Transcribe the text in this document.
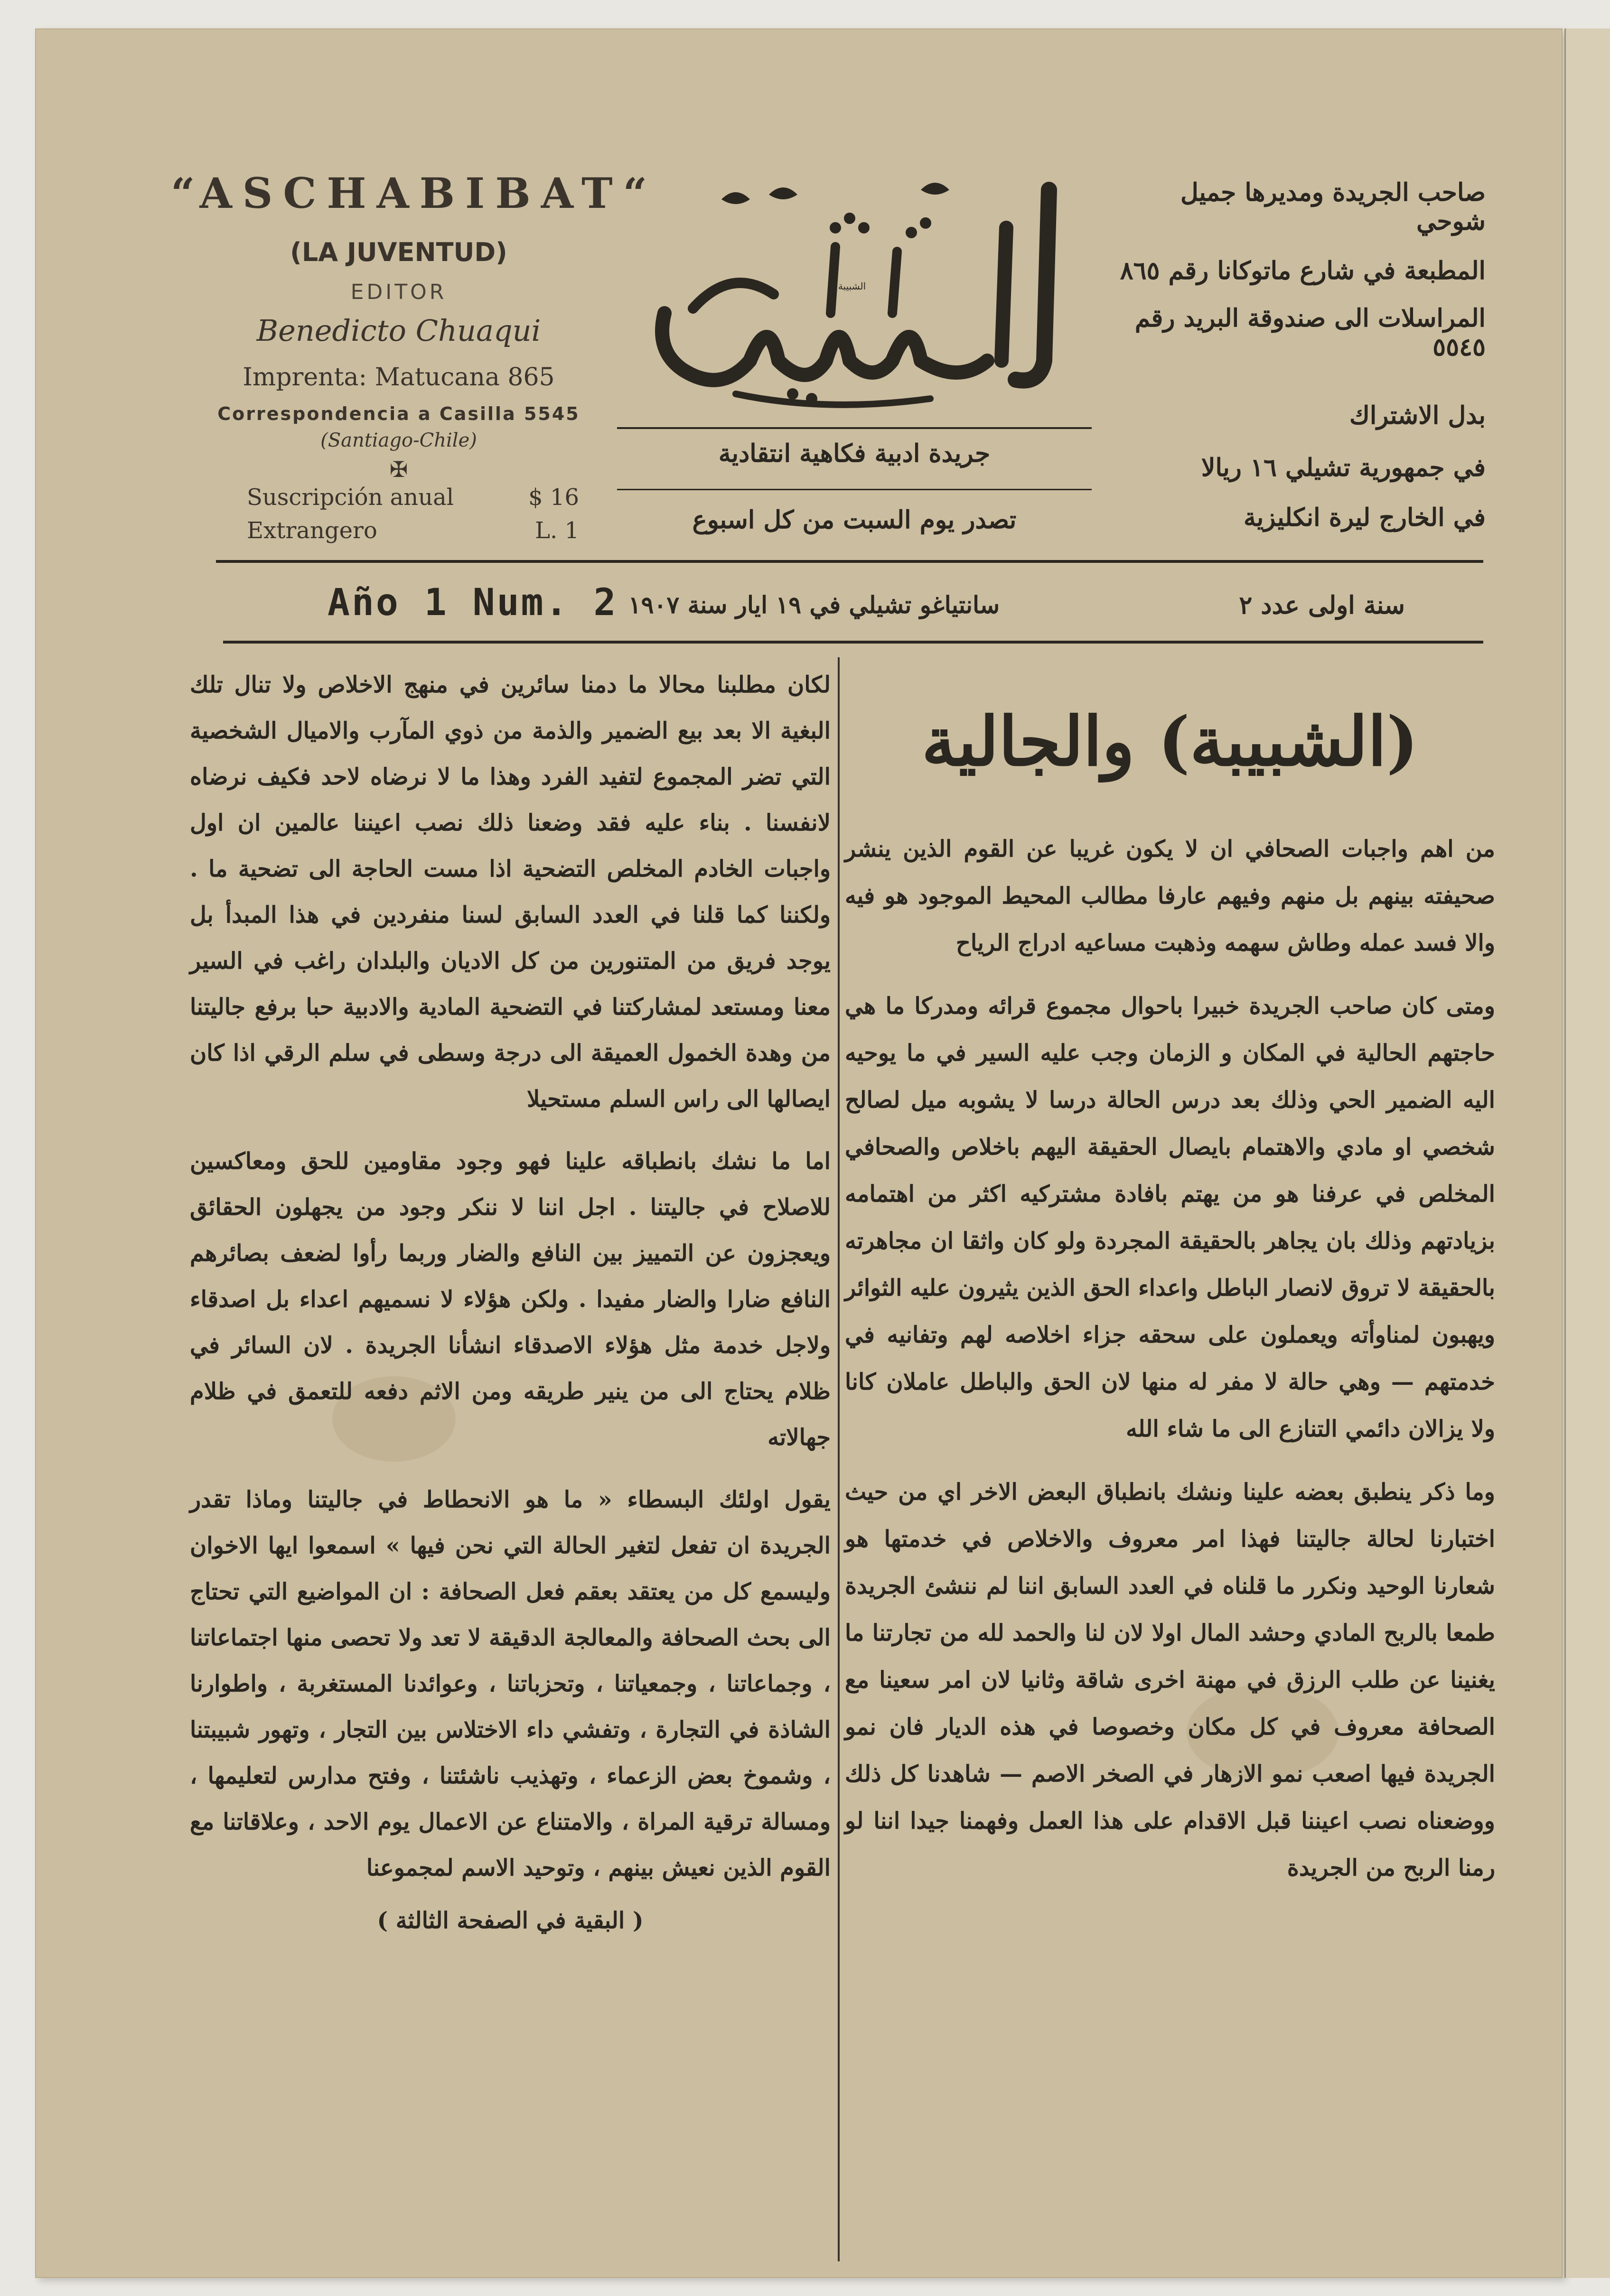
“ASCHABIBAT“
(LA JUVENTUD)
EDITOR
Benedicto Chuaqui
Imprenta: Matucana 865
Correspondencia a Casilla 5545
(Santiago-Chile)
✠
Suscripción anual	$ 16
Extrangero	L. 1
الشبيبة
جريدة ادبية فكاهية انتقادية
تصدر يوم السبت من كل اسبوع
صاحب الجريدة ومديرها جميل شوحي
المطبعة في شارع ماتوكانا رقم ٨٦٥
المراسلات الى صندوقة البريد رقم ٥٥٤٥
بدل الاشتراك
في جمهورية تشيلي ١٦ ريالا
في الخارج ليرة انكليزية
Año 1 Num. 2 سانتياغو تشيلي في ١٩ ايار سنة ١٩٠٧	سنة اولى عدد ٢
(الشبيبة) والجالية

من اهم واجبات الصحافي ان لا يكون غريبا عن القوم الذين ينشر صحيفته بينهم بل منهم وفيهم عارفا مطالب المحيط الموجود هو فيه والا فسد عمله وطاش سهمه وذهبت مساعيه ادراج الرياح

ومتى كان صاحب الجريدة خبيرا باحوال مجموع قرائه ومدركا ما هي حاجتهم الحالية في المكان و الزمان وجب عليه السير في ما يوحيه اليه الضمير الحي وذلك بعد درس الحالة درسا لا يشوبه ميل لصالح شخصي او مادي والاهتمام بايصال الحقيقة اليهم باخلاص والصحافي المخلص في عرفنا هو من يهتم بافادة مشتركيه اكثر من اهتمامه بزيادتهم وذلك بان يجاهر بالحقيقة المجردة ولو كان واثقا ان مجاهرته بالحقيقة لا تروق لانصار الباطل واعداء الحق الذين يثيرون عليه الثوائر ويهبون لمناوأته ويعملون على سحقه جزاء اخلاصه لهم وتفانيه في خدمتهم — وهي حالة لا مفر له منها لان الحق والباطل عاملان كانا ولا يزالان دائمي التنازع الى ما شاء الله

وما ذكر ينطبق بعضه علينا ونشك بانطباق البعض الاخر اي من حيث اختبارنا لحالة جاليتنا فهذا امر معروف والاخلاص في خدمتها هو شعارنا الوحيد ونكرر ما قلناه في العدد السابق اننا لم ننشئ الجريدة طمعا بالربح المادي وحشد المال اولا لان لنا والحمد لله من تجارتنا ما يغنينا عن طلب الرزق في مهنة اخرى شاقة وثانيا لان امر سعينا مع الصحافة معروف في كل مكان وخصوصا في هذه الديار فان نمو الجريدة فيها اصعب نمو الازهار في الصخر الاصم — شاهدنا كل ذلك ووضعناه نصب اعيننا قبل الاقدام على هذا العمل وفهمنا جيدا اننا لو رمنا الربح من الجريدة

لكان مطلبنا محالا ما دمنا سائرين في منهج الاخلاص ولا تنال تلك البغية الا بعد بيع الضمير والذمة من ذوي المآرب والاميال الشخصية التي تضر المجموع لتفيد الفرد وهذا ما لا نرضاه لاحد فكيف نرضاه لانفسنا . بناء عليه فقد وضعنا ذلك نصب اعيننا عالمين ان اول واجبات الخادم المخلص التضحية اذا مست الحاجة الى تضحية ما . ولكننا كما قلنا في العدد السابق لسنا منفردين في هذا المبدأ بل يوجد فريق من المتنورين من كل الاديان والبلدان راغب في السير معنا ومستعد لمشاركتنا في التضحية المادية والادبية حبا برفع جاليتنا من وهدة الخمول العميقة الى درجة وسطى في سلم الرقي اذا كان ايصالها الى راس السلم مستحيلا

اما ما نشك بانطباقه علينا فهو وجود مقاومين للحق ومعاكسين للاصلاح في جاليتنا . اجل اننا لا ننكر وجود من يجهلون الحقائق ويعجزون عن التمييز بين النافع والضار وربما رأوا لضعف بصائرهم النافع ضارا والضار مفيدا . ولكن هؤلاء لا نسميهم اعداء بل اصدقاء ولاجل خدمة مثل هؤلاء الاصدقاء انشأنا الجريدة . لان السائر في ظلام يحتاج الى من ينير طريقه ومن الاثم دفعه للتعمق في ظلام جهالاته

يقول اولئك البسطاء « ما هو الانحطاط في جاليتنا وماذا تقدر الجريدة ان تفعل لتغير الحالة التي نحن فيها » اسمعوا ايها الاخوان وليسمع كل من يعتقد بعقم فعل الصحافة : ان المواضيع التي تحتاج الى بحث الصحافة والمعالجة الدقيقة لا تعد ولا تحصى منها اجتماعاتنا ، وجماعاتنا ، وجمعياتنا ، وتحزباتنا ، وعوائدنا المستغربة ، واطوارنا الشاذة في التجارة ، وتفشي داء الاختلاس بين التجار ، وتهور شبيبتنا ، وشموخ بعض الزعماء ، وتهذيب ناشئتنا ، وفتح مدارس لتعليمها ، ومسالة ترقية المراة ، والامتناع عن الاعمال يوم الاحد ، وعلاقاتنا مع القوم الذين نعيش بينهم ، وتوحيد الاسم لمجموعنا

( البقية في الصفحة الثالثة )
